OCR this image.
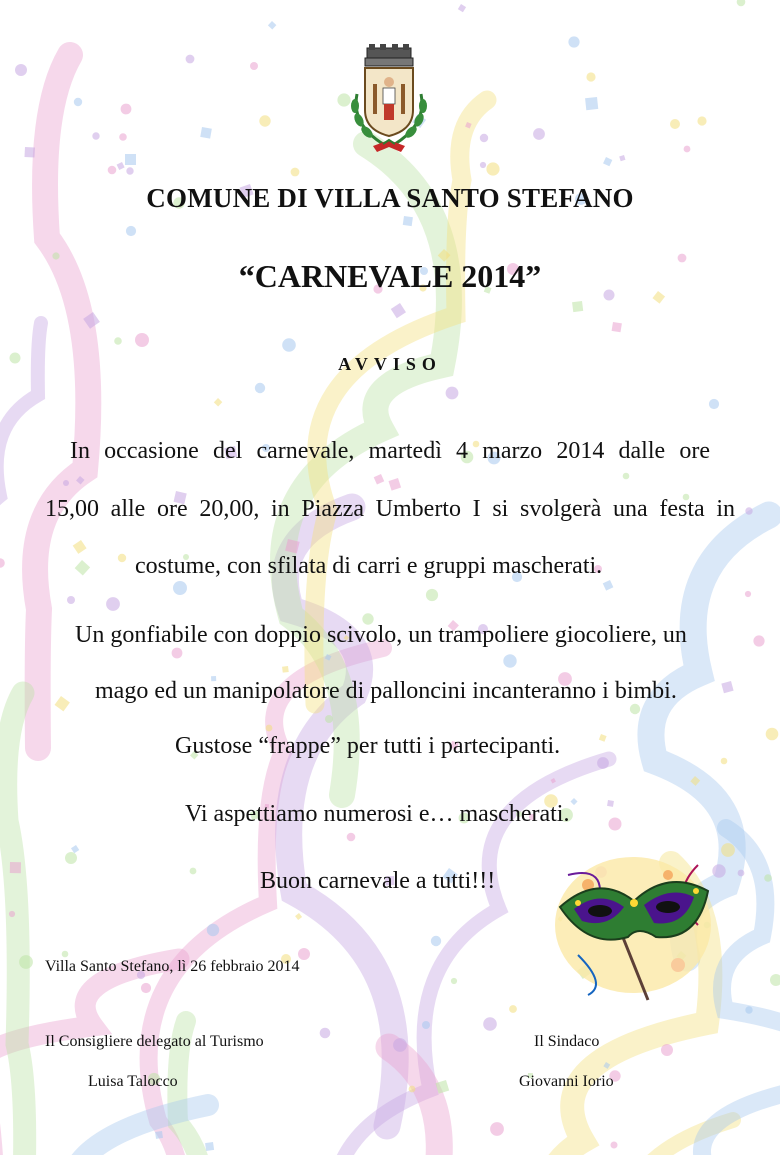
COMUNE DI VILLA SANTO STEFANO
“CARNEVALE 2014”
AVVISO
In occasione del carnevale, martedì 4 marzo 2014 dalle ore
15,00 alle ore 20,00, in Piazza Umberto I si svolgerà una festa in
costume, con sfilata di carri e gruppi mascherati.
Un gonfiabile con doppio scivolo, un trampoliere giocoliere, un
mago ed un manipolatore di palloncini incanteranno i bimbi.
Gustose “frappe” per tutti i partecipanti.
Vi aspettiamo numerosi e… mascherati.
Buon carnevale a tutti!!!
Villa Santo Stefano, lì 26 febbraio 2014
Il Consigliere delegato al Turismo
Luisa Talocco
Il Sindaco
Giovanni Iorio
